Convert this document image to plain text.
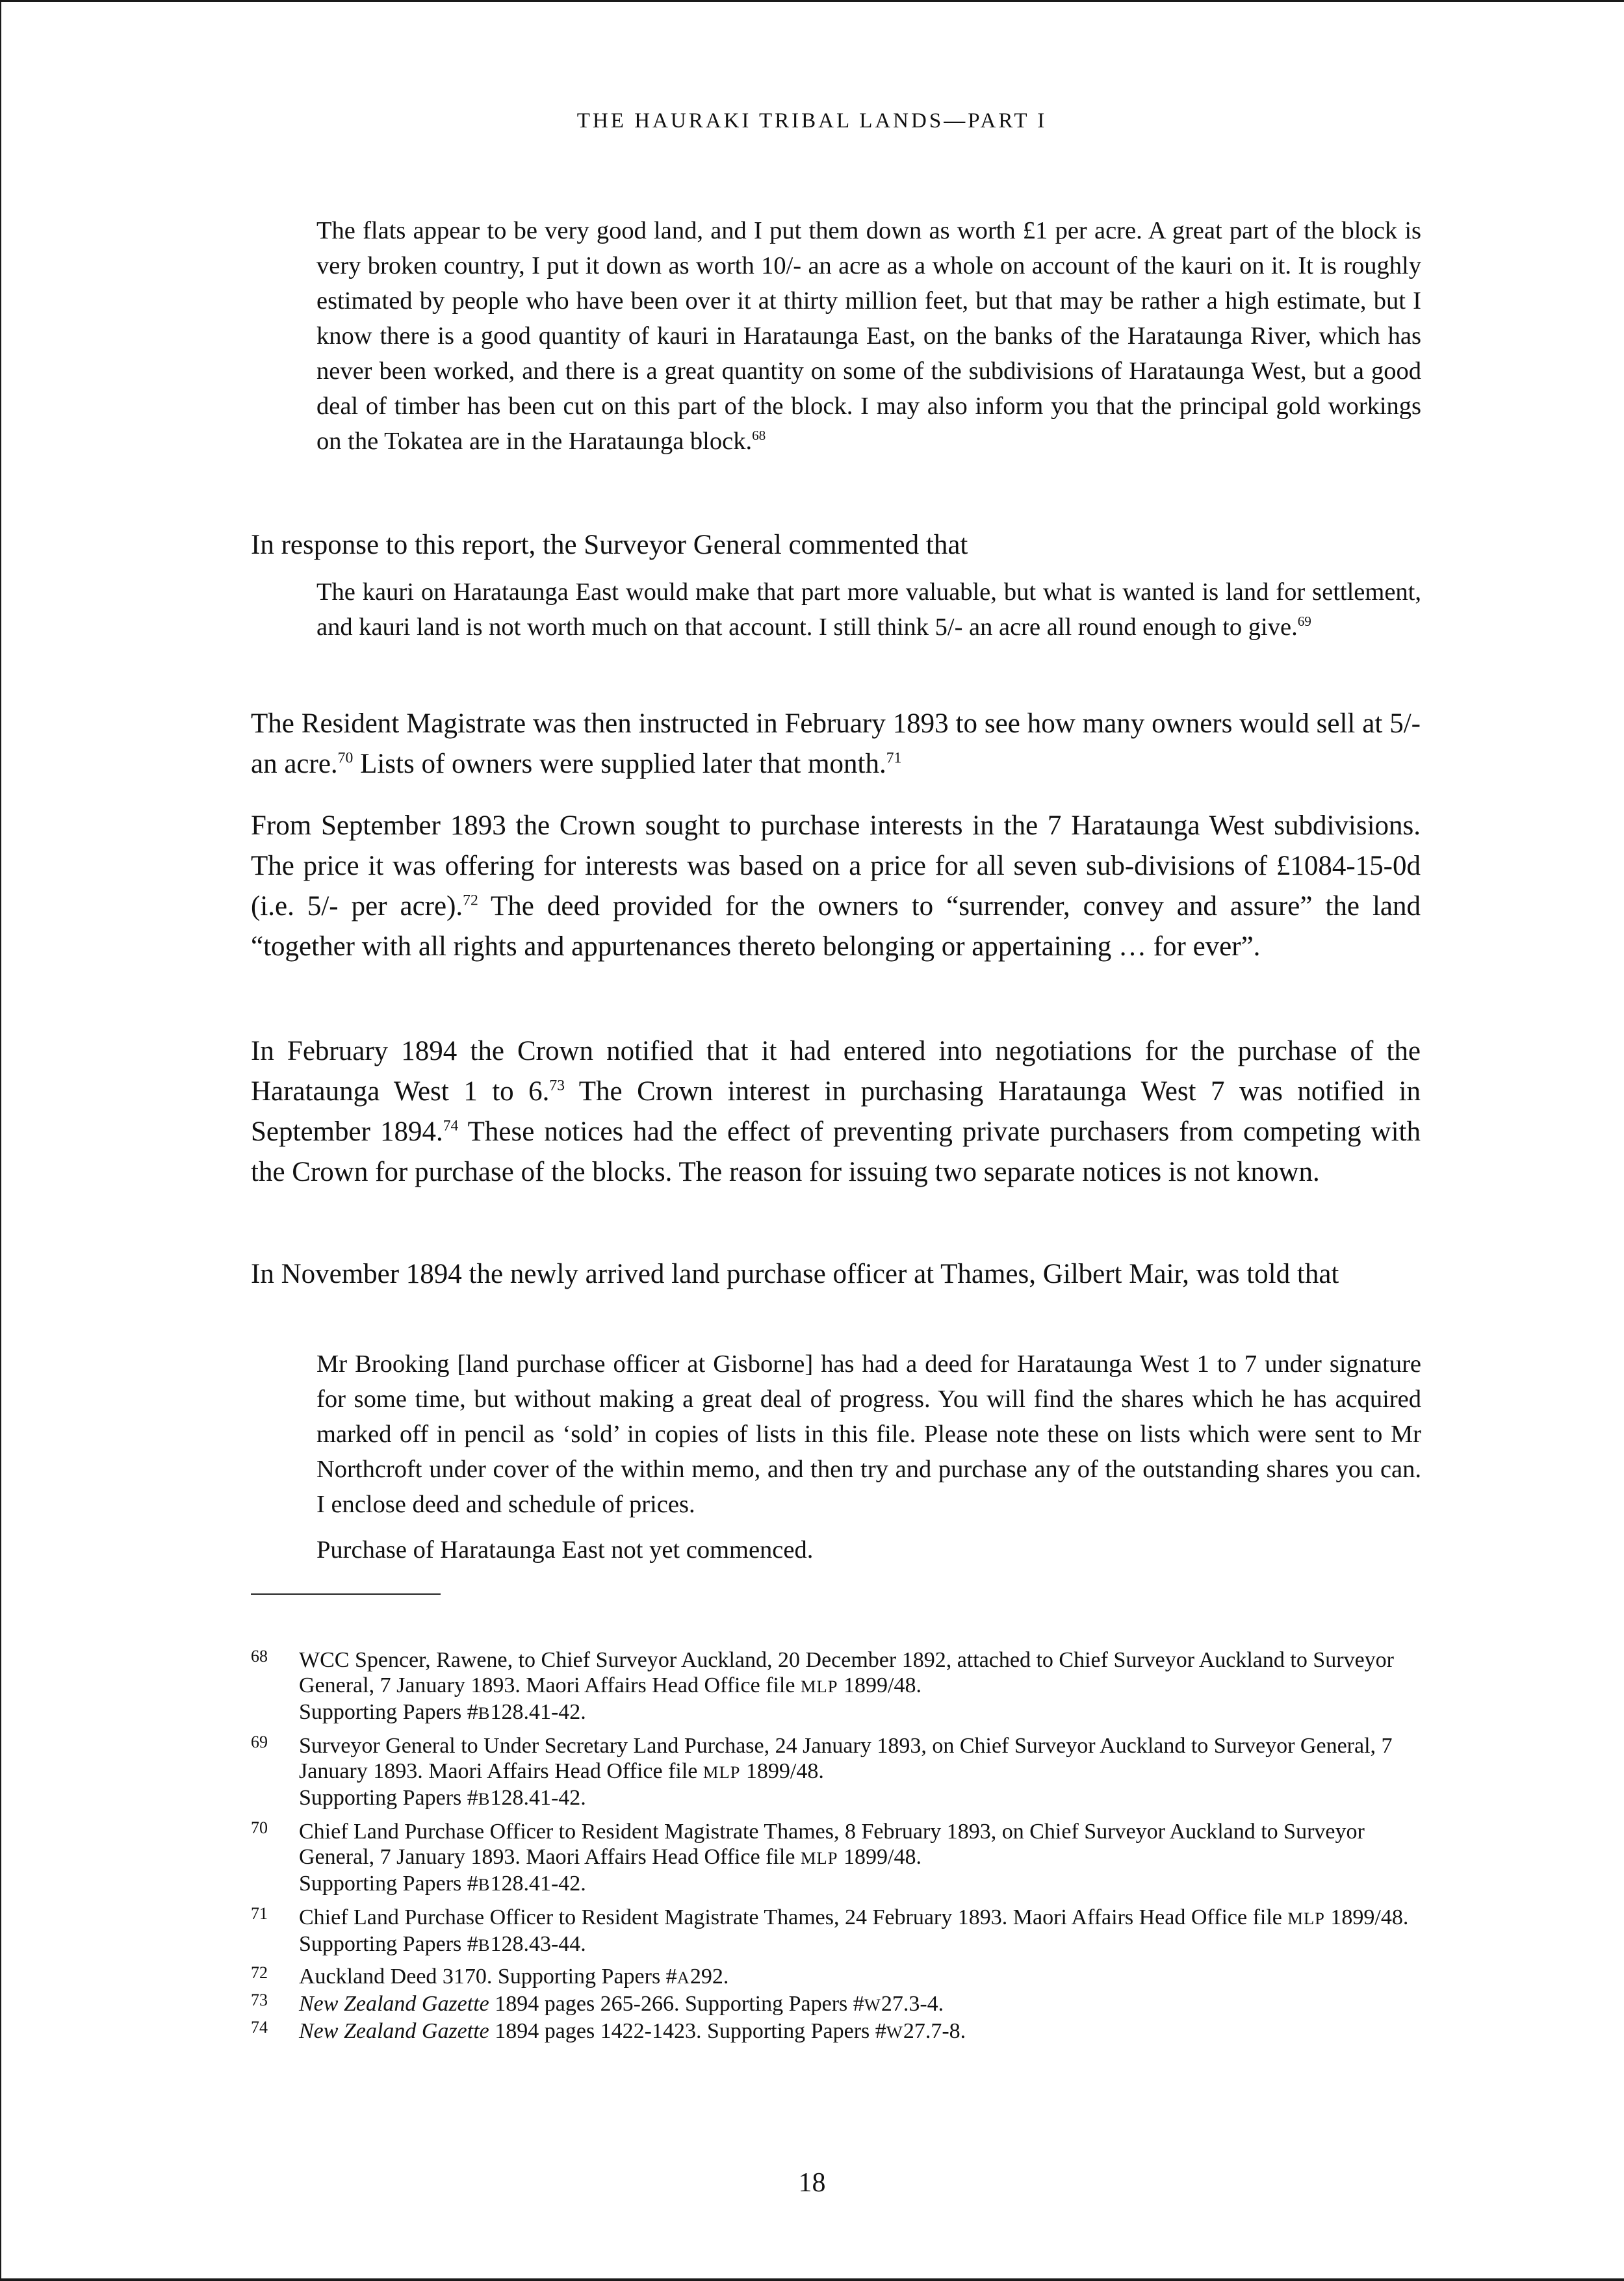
THE HAURAKI TRIBAL LANDS—PART I

The flats appear to be very good land, and I put them down as worth £1 per acre. A great part of the block is very broken country, I put it down as worth 10/- an acre as a whole on account of the kauri on it. It is roughly estimated by people who have been over it at thirty million feet, but that may be rather a high estimate, but I know there is a good quantity of kauri in Harataunga East, on the banks of the Harataunga River, which has never been worked, and there is a great quantity on some of the subdivisions of Harataunga West, but a good deal of timber has been cut on this part of the block. I may also inform you that the principal gold workings on the Tokatea are in the Harataunga block.$^{68}$

In response to this report, the Surveyor General commented that

The kauri on Harataunga East would make that part more valuable, but what is wanted is land for settlement, and kauri land is not worth much on that account. I still think 5/- an acre all round enough to give.$^{69}$

The Resident Magistrate was then instructed in February 1893 to see how many owners would sell at 5/- an acre.$^{70}$ Lists of owners were supplied later that month.$^{71}$

From September 1893 the Crown sought to purchase interests in the 7 Harataunga West subdivisions. The price it was offering for interests was based on a price for all seven sub-divisions of £1084-15-0d (i.e. 5/- per acre).$^{72}$ The deed provided for the owners to “surrender, convey and assure” the land “together with all rights and appurtenances thereto belonging or appertaining … for ever”.

In February 1894 the Crown notified that it had entered into negotiations for the purchase of the Harataunga West 1 to 6.73 The Crown interest in purchasing Harataunga West 7 was notified in September 1894.74 These notices had the effect of preventing private purchasers from competing with the Crown for purchase of the blocks. The reason for issuing two separate notices is not known.

In November 1894 the newly arrived land purchase officer at Thames, Gilbert Mair, was told that

Mr Brooking [land purchase officer at Gisborne] has had a deed for Harataunga West 1 to 7 under signature for some time, but without making a great deal of progress. You will find the shares which he has acquired marked off in pencil as ‘sold’ in copies of lists in this file. Please note these on lists which were sent to Mr Northcroft under cover of the within memo, and then try and purchase any of the outstanding shares you can. I enclose deed and schedule of prices.

Purchase of Harataunga East not yet commenced.

68 WCC Spencer, Rawene, to Chief Surveyor Auckland, 20 December 1892, attached to Chief Surveyor Auckland to Surveyor General, 7 January 1893. Maori Affairs Head Office file MLP 1899/48.
Supporting Papers #B128.41-42.
69 Surveyor General to Under Secretary Land Purchase, 24 January 1893, on Chief Surveyor Auckland to Surveyor General, 7 January 1893. Maori Affairs Head Office file MLP 1899/48.
Supporting Papers #B128.41-42.
70 Chief Land Purchase Officer to Resident Magistrate Thames, 8 February 1893, on Chief Surveyor Auckland to Surveyor General, 7 January 1893. Maori Affairs Head Office file MLP 1899/48.
Supporting Papers #B128.41-42.
71 Chief Land Purchase Officer to Resident Magistrate Thames, 24 February 1893. Maori Affairs Head Office file MLP 1899/48. Supporting Papers #B128.43-44.
72 Auckland Deed 3170. Supporting Papers #A292.
73 New Zealand Gazette 1894 pages 265-266. Supporting Papers #W27.3-4.
74 New Zealand Gazette 1894 pages 1422-1423. Supporting Papers #W27.7-8.
18
